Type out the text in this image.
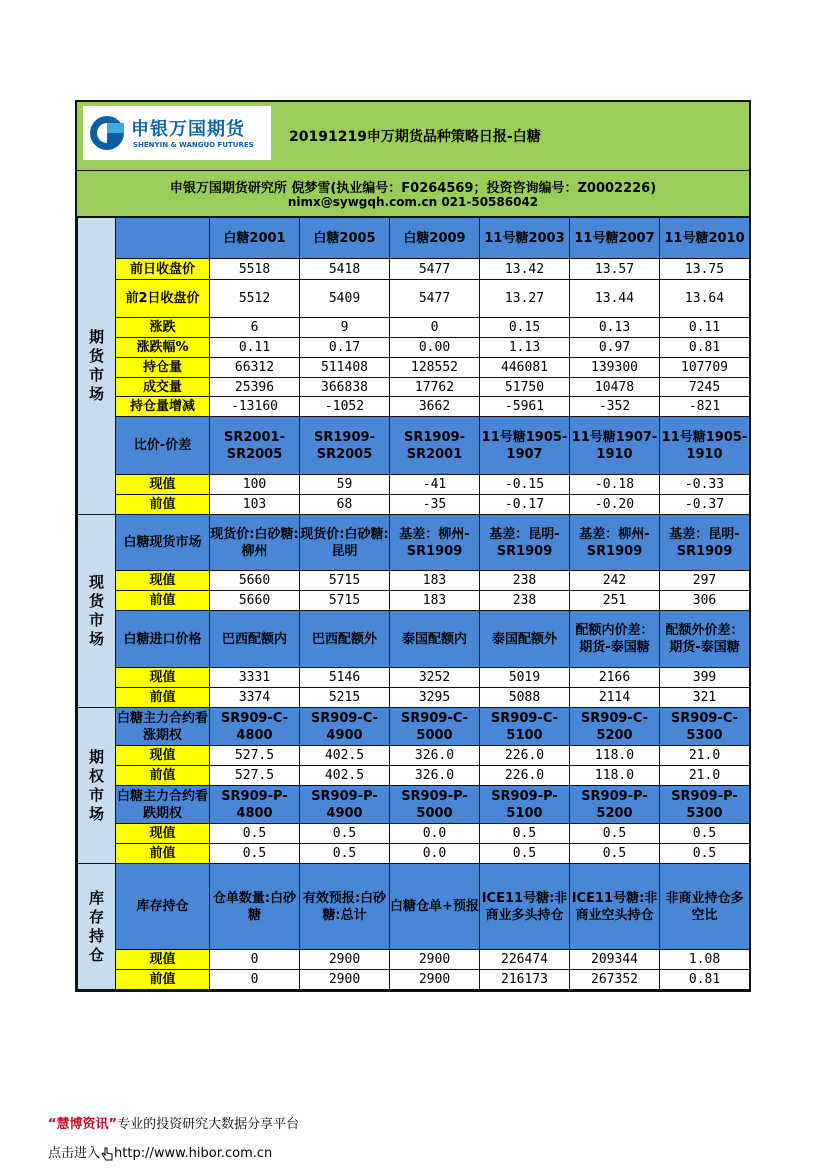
申银万国期货
SHENYIN & WANGUO FUTURES	20191219申万期货品种策略日报-白糖
申银万国期货研究所 倪梦雪(执业编号：F0264569；投资咨询编号：Z0002226)
nimx@sywgqh.com.cn 021-50586042
期
货
市
场		白糖2001	白糖2005	白糖2009	11号糖2003	11号糖2007	11号糖2010
	前日收盘价	5518	5418	5477	13.42	13.57	13.75
	前2日收盘价	5512	5409	5477	13.27	13.44	13.64
	涨跌	6	9	0	0.15	0.13	0.11
	涨跌幅%	0.11	0.17	0.00	1.13	0.97	0.81
	持仓量	66312	511408	128552	446081	139300	107709
	成交量	25396	366838	17762	51750	10478	7245
	持仓量增减	-13160	-1052	3662	-5961	-352	-821
	比价-价差	SR2001-SR2005	SR1909-SR2005	SR1909-SR2001	11号糖1905-1907	11号糖1907-1910	11号糖1905-1910
	现值	100	59	-41	-0.15	-0.18	-0.33
	前值	103	68	-35	-0.17	-0.20	-0.37

现
货
市
场	白糖现货市场	现货价:白砂糖:柳州	现货价:白砂糖:昆明	基差：柳州-SR1909	基差：昆明-SR1909	基差：柳州-SR1909	基差：昆明-SR1909
	现值	5660	5715	183	238	242	297
	前值	5660	5715	183	238	251	306
	白糖进口价格	巴西配额内	巴西配额外	泰国配额内	泰国配额外	配额内价差：期货-泰国糖	配额外价差：期货-泰国糖
	现值	3331	5146	3252	5019	2166	399
	前值	3374	5215	3295	5088	2114	321

期
权
市
场	白糖主力合约看涨期权	SR909-C-4800	SR909-C-4900	SR909-C-5000	SR909-C-5100	SR909-C-5200	SR909-C-5300
	现值	527.5	402.5	326.0	226.0	118.0	21.0
	前值	527.5	402.5	326.0	226.0	118.0	21.0
	白糖主力合约看跌期权	SR909-P-4800	SR909-P-4900	SR909-P-5000	SR909-P-5100	SR909-P-5200	SR909-P-5300
	现值	0.5	0.5	0.0	0.5	0.5	0.5
	前值	0.5	0.5	0.0	0.5	0.5	0.5

库
存
持
仓	库存持仓	仓单数量:白砂糖	有效预报:白砂糖:总计	白糖仓单+预报	ICE11号糖:非商业多头持仓	ICE11号糖:非商业空头持仓	非商业持仓多空比
	现值	0	2900	2900	226474	209344	1.08
	前值	0	2900	2900	216173	267352	0.81
“慧博资讯”专业的投资研究大数据分享平台
点击进入 http://www.hibor.com.cn
